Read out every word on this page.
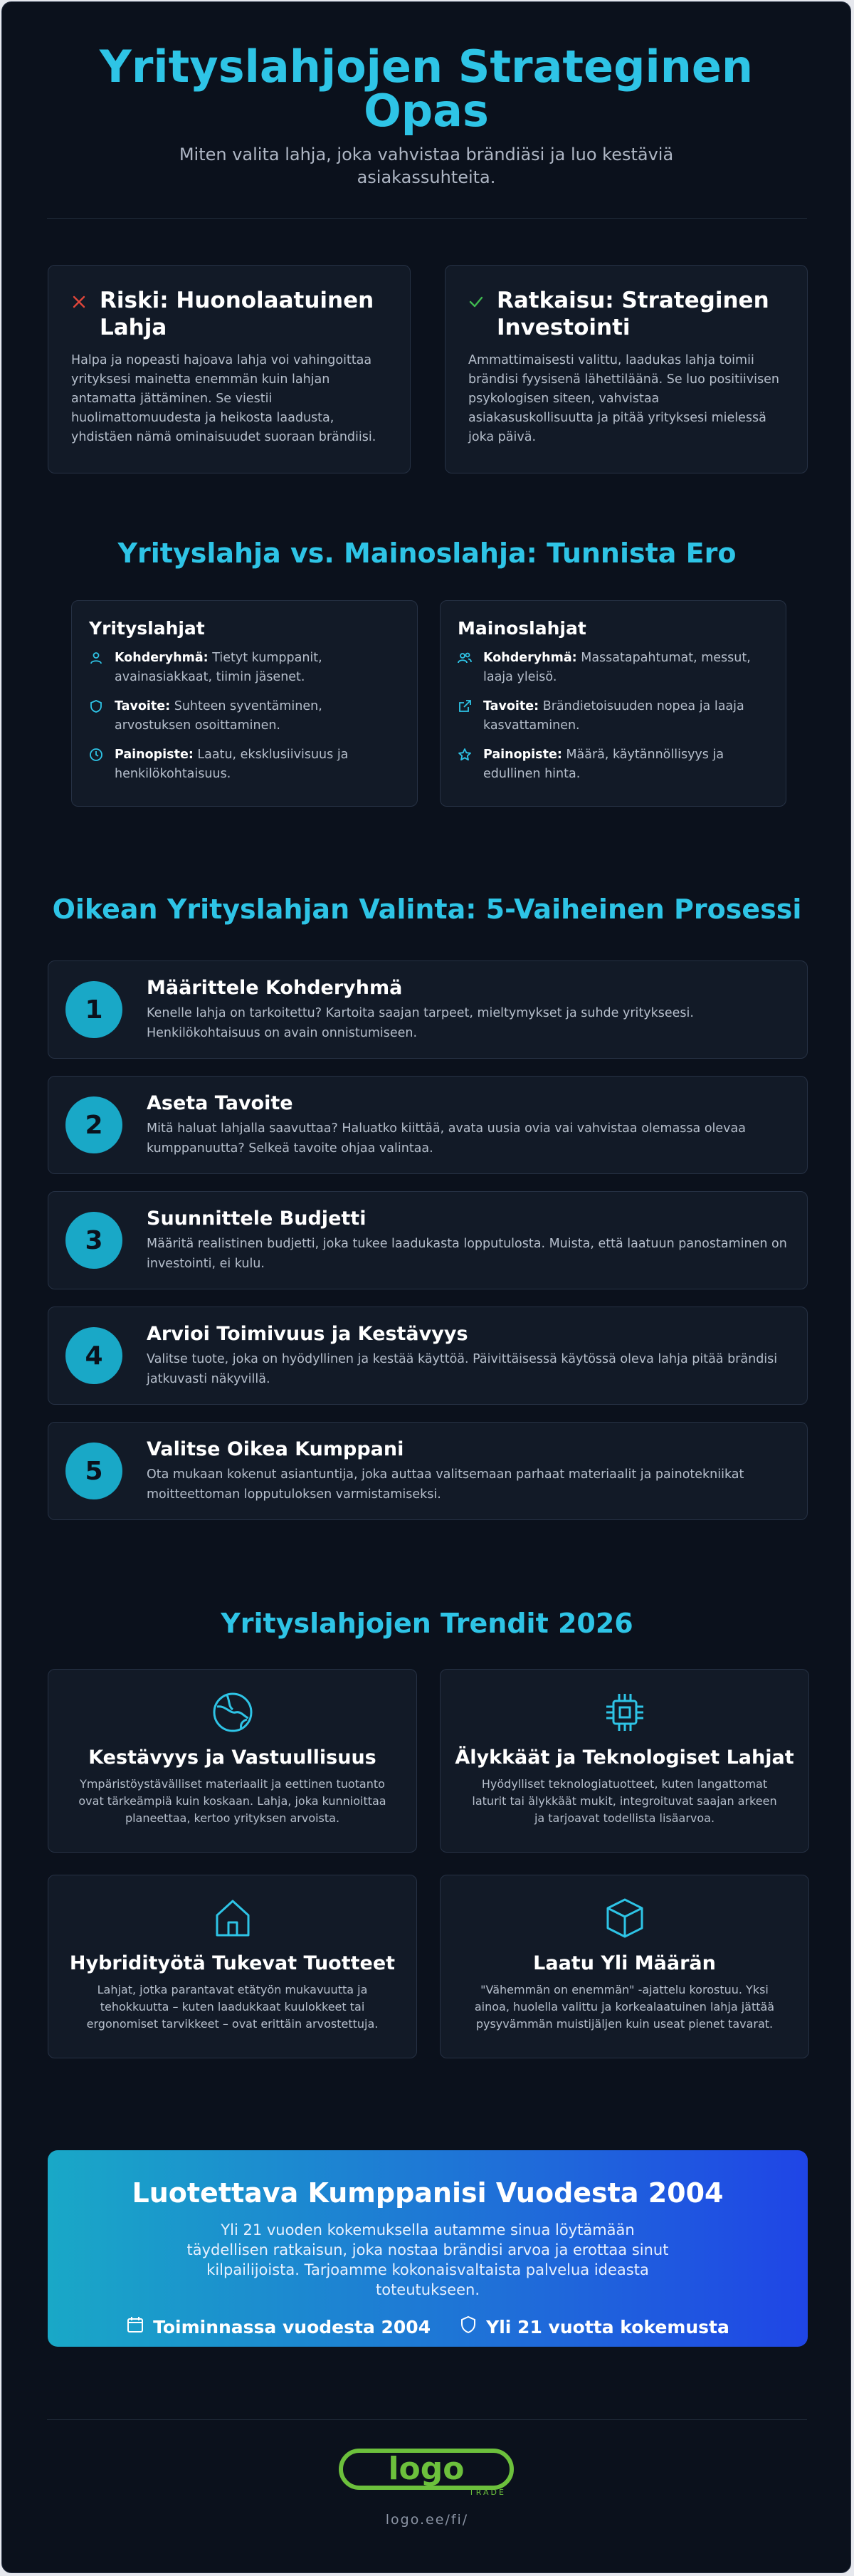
Yrityslahjojen Strateginen Opas

Miten valita lahja, joka vahvistaa brändiäsi ja luo kestäviä asiakassuhteita.

Riski: Huonolaatuinen Lahja
Halpa ja nopeasti hajoava lahja voi vahingoittaa yrityksesi mainetta enemmän kuin lahjan antamatta jättäminen. Se viestii huolimattomuudesta ja heikosta laadusta, yhdistäen nämä ominaisuudet suoraan brändiisi.
Ratkaisu: Strateginen Investointi
Ammattimaisesti valittu, laadukas lahja toimii brändisi fyysisenä lähettiläänä. Se luo positiivisen psykologisen siteen, vahvistaa asiakasuskollisuutta ja pitää yrityksesi mielessä joka päivä.
Yrityslahja vs. Mainoslahja: Tunnista Ero
Yrityslahjat
Kohderyhmä: Tietyt kumppanit, avainasiakkaat, tiimin jäsenet.
Tavoite: Suhteen syventäminen, arvostuksen osoittaminen.
Painopiste: Laatu, eksklusiivisuus ja henkilökohtaisuus.
Mainoslahjat
Kohderyhmä: Massatapahtumat, messut, laaja yleisö.
Tavoite: Brändietoisuuden nopea ja laaja kasvattaminen.
Painopiste: Määrä, käytännöllisyys ja edullinen hinta.
Oikean Yrityslahjan Valinta: 5-Vaiheinen Prosessi
1
Määrittele Kohderyhmä
Kenelle lahja on tarkoitettu? Kartoita saajan tarpeet, mieltymykset ja suhde yritykseesi. Henkilökohtaisuus on avain onnistumiseen.
2
Aseta Tavoite
Mitä haluat lahjalla saavuttaa? Haluatko kiittää, avata uusia ovia vai vahvistaa olemassa olevaa kumppanuutta? Selkeä tavoite ohjaa valintaa.
3
Suunnittele Budjetti
Määritä realistinen budjetti, joka tukee laadukasta lopputulosta. Muista, että laatuun panostaminen on investointi, ei kulu.
4
Arvioi Toimivuus ja Kestävyys
Valitse tuote, joka on hyödyllinen ja kestää käyttöä. Päivittäisessä käytössä oleva lahja pitää brändisi jatkuvasti näkyvillä.
5
Valitse Oikea Kumppani
Ota mukaan kokenut asiantuntija, joka auttaa valitsemaan parhaat materiaalit ja painotekniikat moitteettoman lopputuloksen varmistamiseksi.
Yrityslahjojen Trendit 2026
Kestävyys ja Vastuullisuus
Ympäristöystävälliset materiaalit ja eettinen tuotanto ovat tärkeämpiä kuin koskaan. Lahja, joka kunnioittaa planeettaa, kertoo yrityksen arvoista.
Älykkäät ja Teknologiset Lahjat
Hyödylliset teknologiatuotteet, kuten langattomat laturit tai älykkäät mukit, integroituvat saajan arkeen ja tarjoavat todellista lisäarvoa.
Hybridityötä Tukevat Tuotteet
Lahjat, jotka parantavat etätyön mukavuutta ja tehokkuutta – kuten laadukkaat kuulokkeet tai ergonomiset tarvikkeet – ovat erittäin arvostettuja.
Laatu Yli Määrän
"Vähemmän on enemmän" -ajattelu korostuu. Yksi ainoa, huolella valittu ja korkealaatuinen lahja jättää pysyvämmän muistijäljen kuin useat pienet tavarat.
Luotettava Kumppanisi Vuodesta 2004

Yli 21 vuoden kokemuksella autamme sinua löytämään täydellisen ratkaisun, joka nostaa brändisi arvoa ja erottaa sinut kilpailijoista. Tarjoamme kokonaisvaltaista palvelua ideasta toteutukseen.

Toiminnassa vuodesta 2004	Yli 21 vuotta kokemusta
logo
TRADE
logo.ee/fi/
